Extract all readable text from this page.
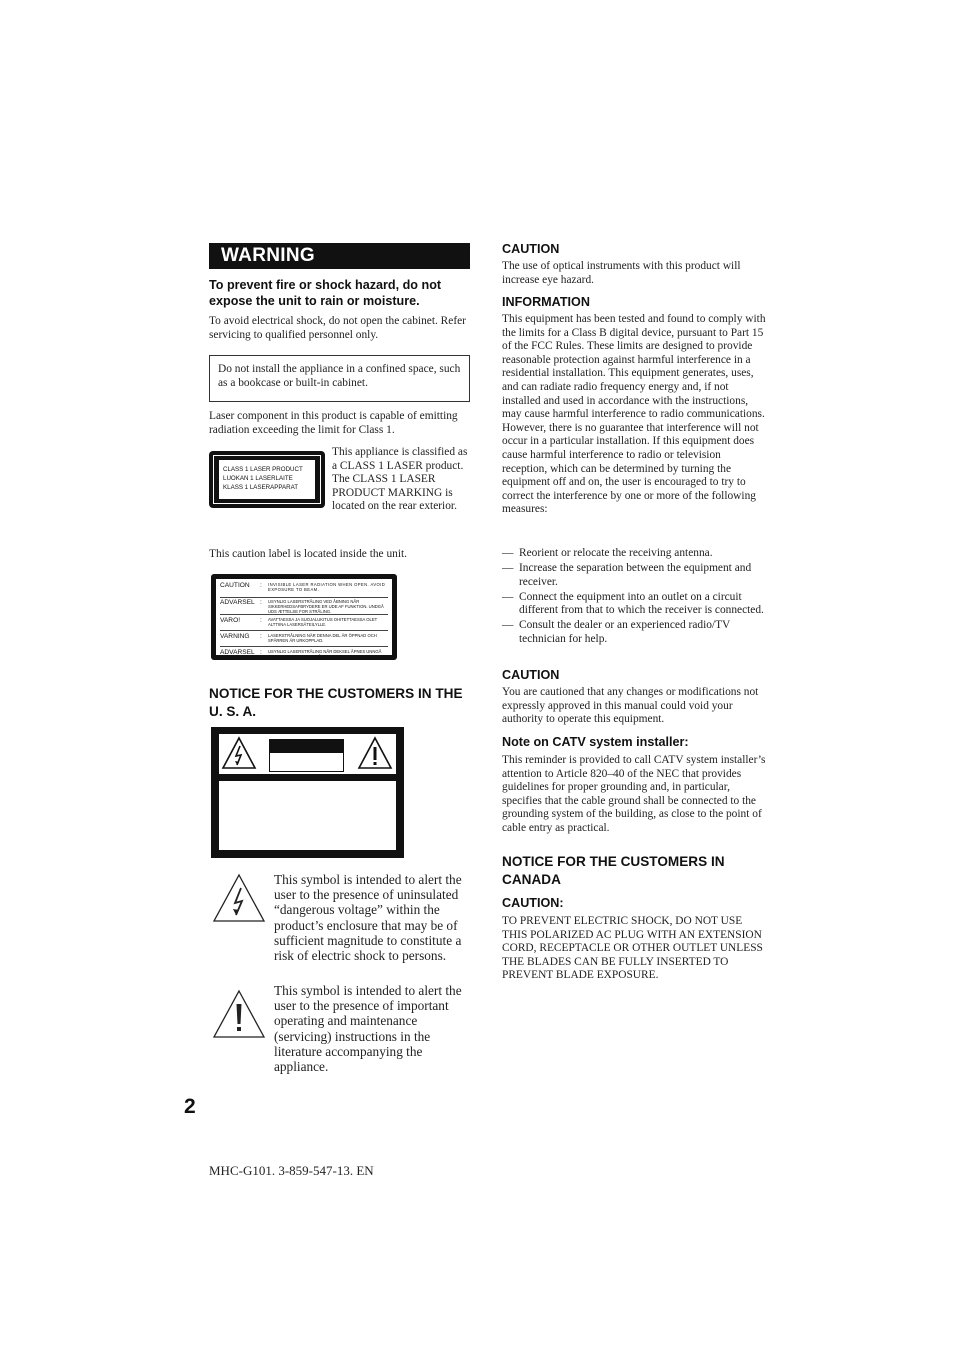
WARNING
To prevent fire or shock hazard, do not expose the unit to rain or moisture.
To avoid electrical shock, do not open the cabinet. Refer servicing to qualified personnel only.
Do not install the appliance in a confined space, such as a bookcase or built-in cabinet.
Laser component in this product is capable of emitting radiation exceeding the limit for Class 1.
CLASS 1 LASER PRODUCT
LUOKAN 1 LASERLAITE
KLASS 1 LASERAPPARAT
This appliance is classified as a CLASS 1 LASER product. The CLASS 1 LASER PRODUCT MARKING is located on the rear exterior.
This caution label is located inside the unit.
CAUTION	:	INVISIBLE LASER RADIATION WHEN OPEN. AVOID EXPOSURE TO BEAM.
ADVARSEL :	USYNLIG LASERSTRÅLING VED ÅBNING NÅR SIKKERHEDSAFBRYDERE ER UDE AF FUNKTION. UNDGÅ UDS ÆTTELSE FOR STRÅLING.
VARO!	:	AVATTAESSA JA SUOJALUKITUS OHITETTAESSA OLET ALTTIINA LASERSÄTEILYLLE.
VARNING	:	LASERSTRÅLNING NÄR DENNA DEL ÄR ÖPPNAD OCH SPÄRREN ÄR URKOPPLAD.
ADVARSEL :	USYNLIG LASERSTRÅLING NÅR DEKSEL ÅPNES UNNGÅ EKSPONERING FOR STRÅLEN.
NOTICE FOR THE CUSTOMERS IN THE U. S. A.
This symbol is intended to alert the user to the presence of uninsulated “dangerous voltage” within the product’s enclosure that may be of sufficient magnitude to constitute a risk of electric shock to persons.
This symbol is intended to alert the user to the presence of important operating and maintenance (servicing) instructions in the literature accompanying the appliance.
CAUTION
The use of optical instruments with this product will increase eye hazard.
INFORMATION
This equipment has been tested and found to comply with the limits for a Class B digital device, pursuant to Part 15 of the FCC Rules. These limits are designed to provide reasonable protection against harmful interference in a residential installation. This equipment generates, uses, and can radiate radio frequency energy and, if not installed and used in accordance with the instructions, may cause harmful interference to radio communications. However, there is no guarantee that interference will not occur in a particular installation. If this equipment does cause harmful interference to radio or television reception, which can be determined by turning the equipment off and on, the user is encouraged to try to correct the interference by one or more of the following measures:
— Reorient or relocate the receiving antenna.
— Increase the separation between the equipment and receiver.
— Connect the equipment into an outlet on a circuit different from that to which the receiver is connected.
— Consult the dealer or an experienced radio/TV technician for help.
CAUTION
You are cautioned that any changes or modifications not expressly approved in this manual could void your authority to operate this equipment.
Note on CATV system installer:
This reminder is provided to call CATV system installer’s attention to Article 820–40 of the NEC that provides guidelines for proper grounding and, in particular, specifies that the cable ground shall be connected to the grounding system of the building, as close to the point of cable entry as practical.
NOTICE FOR THE CUSTOMERS IN CANADA
CAUTION:
TO PREVENT ELECTRIC SHOCK, DO NOT USE THIS POLARIZED AC PLUG WITH AN EXTENSION CORD, RECEPTACLE OR OTHER OUTLET UNLESS THE BLADES CAN BE FULLY INSERTED TO PREVENT BLADE EXPOSURE.
2
MHC-G101. 3-859-547-13. EN
